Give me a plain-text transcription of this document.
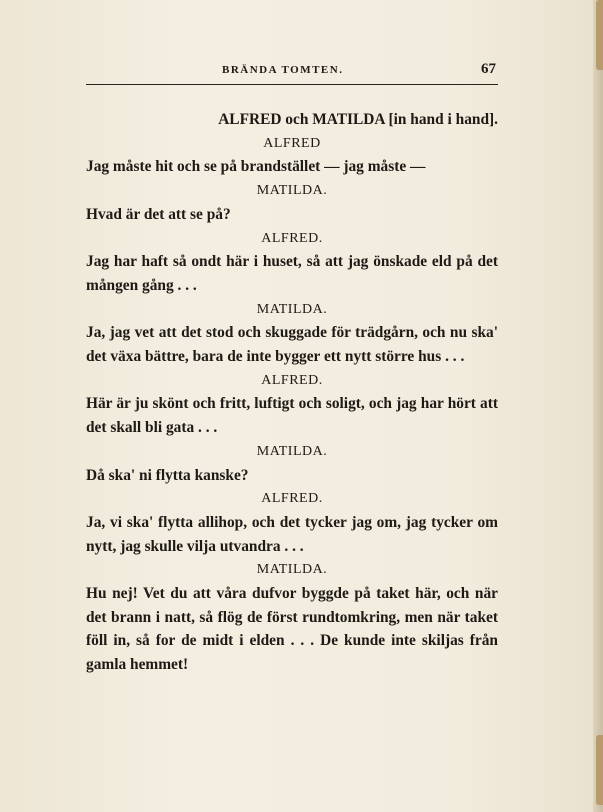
BRÄNDA TOMTEN.	67

ALFRED och MATILDA [in hand i hand].

ALFRED

Jag måste hit och se på brandstället — jag måste —

MATILDA.

Hvad är det att se på?

ALFRED.

Jag har haft så ondt här i huset, så att jag önskade eld på det mången gång . . .

MATILDA.

Ja, jag vet att det stod och skuggade för trädgårn, och nu ska' det växa bättre, bara de inte bygger ett nytt större hus . . .

ALFRED.

Här är ju skönt och fritt, luftigt och soligt, och jag har hört att det skall bli gata . . .

MATILDA.

Då ska' ni flytta kanske?

ALFRED.

Ja, vi ska' flytta allihop, och det tycker jag om, jag tycker om nytt, jag skulle vilja utvandra . . .

MATILDA.

Hu nej! Vet du att våra dufvor byggde på taket här, och när det brann i natt, så flög de först rundtomkring, men när taket föll in, så for de midt i elden . . . De kunde inte skiljas från gamla hemmet!
